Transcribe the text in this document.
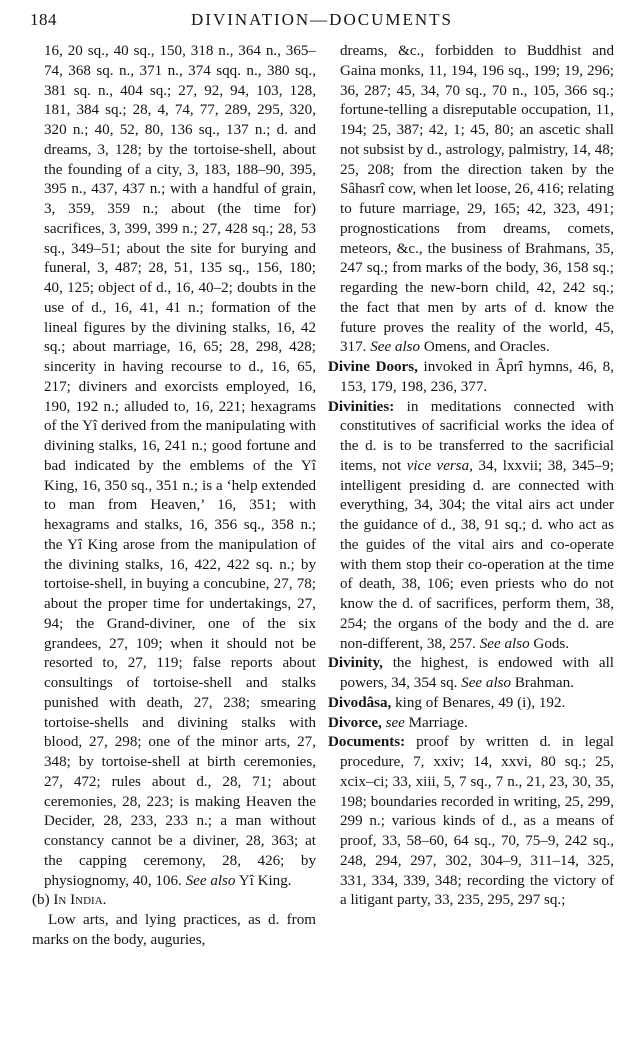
184	DIVINATION—DOCUMENTS

16, 20 sq., 40 sq., 150, 318 n., 364 n., 365–74, 368 sq. n., 371 n., 374 sqq. n., 380 sq., 381 sq. n., 404 sq.; 27, 92, 94, 103, 128, 181, 384 sq.; 28, 4, 74, 77, 289, 295, 320, 320 n.; 40, 52, 80, 136 sq., 137 n.; d. and dreams, 3, 128; by the tortoise-shell, about the founding of a city, 3, 183, 188–90, 395, 395 n., 437, 437 n.; with a handful of grain, 3, 359, 359 n.; about (the time for) sacrifices, 3, 399, 399 n.; 27, 428 sq.; 28, 53 sq., 349–51; about the site for burying and funeral, 3, 487; 28, 51, 135 sq., 156, 180; 40, 125; object of d., 16, 40–2; doubts in the use of d., 16, 41, 41 n.; formation of the lineal figures by the divining stalks, 16, 42 sq.; about marriage, 16, 65; 28, 298, 428; sincerity in having recourse to d., 16, 65, 217; diviners and exorcists employed, 16, 190, 192 n.; alluded to, 16, 221; hexagrams of the Yî derived from the manipulating with divining stalks, 16, 241 n.; good fortune and bad indicated by the emblems of the Yî King, 16, 350 sq., 351 n.; is a ‘help extended to man from Heaven,’ 16, 351; with hexagrams and stalks, 16, 356 sq., 358 n.; the Yî King arose from the manipulation of the divining stalks, 16, 422, 422 sq. n.; by tortoise-shell, in buying a concubine, 27, 78; about the proper time for undertakings, 27, 94; the Grand-diviner, one of the six grandees, 27, 109; when it should not be resorted to, 27, 119; false reports about consultings of tortoise-shell and stalks punished with death, 27, 238; smearing tortoise-shells and divining stalks with blood, 27, 298; one of the minor arts, 27, 348; by tortoise-shell at birth ceremonies, 27, 472; rules about d., 28, 71; about ceremonies, 28, 223; is making Heaven the Decider, 28, 233, 233 n.; a man without constancy cannot be a diviner, 28, 363; at the capping ceremony, 28, 426; by physiognomy, 40, 106. See also Yî King.

(b) In India.

Low arts, and lying practices, as d. from marks on the body, auguries,

dreams, &c., forbidden to Buddhist and Gaina monks, 11, 194, 196 sq., 199; 19, 296; 36, 287; 45, 34, 70 sq., 70 n., 105, 366 sq.; fortune-telling a disreputable occupation, 11, 194; 25, 387; 42, 1; 45, 80; an ascetic shall not subsist by d., astrology, palmistry, 14, 48; 25, 208; from the direction taken by the Sâhasrî cow, when let loose, 26, 416; relating to future marriage, 29, 165; 42, 323, 491; prognostications from dreams, comets, meteors, &c., the business of Brahmans, 35, 247 sq.; from marks of the body, 36, 158 sq.; regarding the new-born child, 42, 242 sq.; the fact that men by arts of d. know the future proves the reality of the world, 45, 317. See also Omens, and Oracles.

Divine Doors, invoked in Âprî hymns, 46, 8, 153, 179, 198, 236, 377.

Divinities: in meditations connected with constitutives of sacrificial works the idea of the d. is to be transferred to the sacrificial items, not vice versa, 34, lxxvii; 38, 345–9; intelligent presiding d. are connected with everything, 34, 304; the vital airs act under the guidance of d., 38, 91 sq.; d. who act as the guides of the vital airs and co-operate with them stop their co-operation at the time of death, 38, 106; even priests who do not know the d. of sacrifices, perform them, 38, 254; the organs of the body and the d. are non-different, 38, 257. See also Gods.

Divinity, the highest, is endowed with all powers, 34, 354 sq. See also Brahman.

Divodâsa, king of Benares, 49 (i), 192.

Divorce, see Marriage.

Documents: proof by written d. in legal procedure, 7, xxiv; 14, xxvi, 80 sq.; 25, xcix–ci; 33, xiii, 5, 7 sq., 7 n., 21, 23, 30, 35, 198; boundaries recorded in writing, 25, 299, 299 n.; various kinds of d., as a means of proof, 33, 58–60, 64 sq., 70, 75–9, 242 sq., 248, 294, 297, 302, 304–9, 311–14, 325, 331, 334, 339, 348; recording the victory of a litigant party, 33, 235, 295, 297 sq.;
